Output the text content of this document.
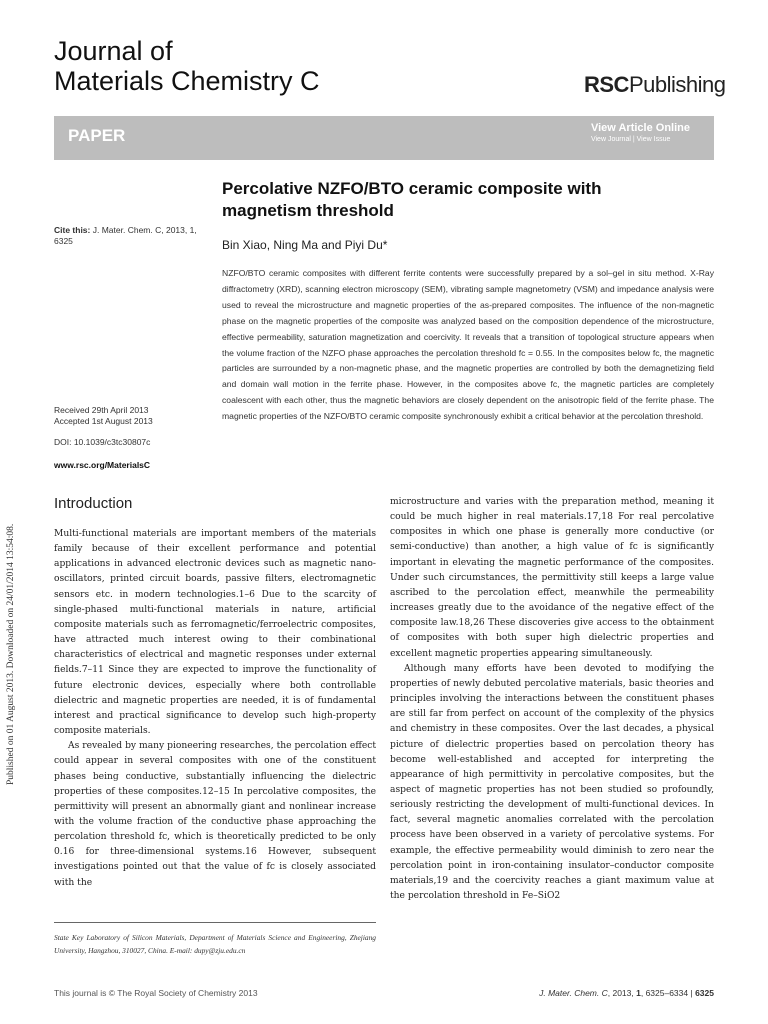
Journal of
Materials Chemistry C	RSCPublishing
PAPER	View Article Online
View Journal | View Issue
Percolative NZFO/BTO ceramic composite with magnetism threshold
Bin Xiao, Ning Ma and Piyi Du*
Cite this: J. Mater. Chem. C, 2013, 1, 6325
Received 29th April 2013
Accepted 1st August 2013
DOI: 10.1039/c3tc30807c
www.rsc.org/MaterialsC
NZFO/BTO ceramic composites with different ferrite contents were successfully prepared by a sol–gel in situ method. X-Ray diffractometry (XRD), scanning electron microscopy (SEM), vibrating sample magnetometry (VSM) and impedance analysis were used to reveal the microstructure and magnetic properties of the as-prepared composites. The influence of the non-magnetic phase on the magnetic properties of the composite was analyzed based on the composition dependence of the microstructure, effective permeability, saturation magnetization and coercivity. It reveals that a transition of topological structure appears when the volume fraction of the NZFO phase approaches the percolation threshold fc = 0.55. In the composites below fc, the magnetic particles are surrounded by a non-magnetic phase, and the magnetic properties are controlled by both the demagnetizing field and domain wall motion in the ferrite phase. However, in the composites above fc, the magnetic particles are completely coalescent with each other, thus the magnetic behaviors are closely dependent on the anisotropic field of the ferrite phase. The magnetic properties of the NZFO/BTO ceramic composite synchronously exhibit a critical behavior at the percolation threshold.
Published on 01 August 2013. Downloaded on 24/01/2014 13:54:08.
Introduction

Multi-functional materials are important members of the materials family because of their excellent performance and potential applications in advanced electronic devices such as magnetic nano-oscillators, printed circuit boards, passive filters, electromagnetic sensors etc. in modern technologies.1–6 Due to the scarcity of single-phased multi-functional materials in nature, artificial composite materials such as ferromagnetic/ferroelectric composites, have attracted much interest owing to their combinational characteristics of electrical and magnetic responses under external fields.7–11 Since they are expected to improve the functionality of future electronic devices, especially where both controllable dielectric and magnetic properties are needed, it is of fundamental interest and practical significance to develop such high-property composite materials.

As revealed by many pioneering researches, the percolation effect could appear in several composites with one of the constituent phases being conductive, substantially influencing the dielectric properties of these composites.12–15 In percolative composites, the permittivity will present an abnormally giant and nonlinear increase with the volume fraction of the conductive phase approaching the percolation threshold fc, which is theoretically predicted to be only 0.16 for three-dimensional systems.16 However, subsequent investigations pointed out that the value of fc is closely associated with the

microstructure and varies with the preparation method, meaning it could be much higher in real materials.17,18 For real percolative composites in which one phase is generally more conductive (or semi-conductive) than another, a high value of fc is significantly important in elevating the magnetic performance of the composites. Under such circumstances, the permittivity still keeps a large value ascribed to the percolation effect, meanwhile the permeability increases greatly due to the avoidance of the negative effect of the composite law.18,26 These discoveries give access to the obtainment of composites with both super high dielectric properties and excellent magnetic properties appearing simultaneously.

Although many efforts have been devoted to modifying the properties of newly debuted percolative materials, basic theories and principles involving the interactions between the constituent phases are still far from perfect on account of the complexity of the physics and chemistry in these composites. Over the last decades, a physical picture of dielectric properties based on percolation theory has become well-established and accepted for interpreting the appearance of high permittivity in percolative composites, but the aspect of magnetic properties has not been studied so profoundly, seriously restricting the development of multi-functional devices. In fact, several magnetic anomalies correlated with the percolation process have been observed in a variety of percolative systems. For example, the effective permeability would diminish to zero near the percolation point in iron-containing insulator–conductor composite materials,19 and the coercivity reaches a giant maximum value at the percolation threshold in Fe–SiO2

State Key Laboratory of Silicon Materials, Department of Materials Science and Engineering, Zhejiang University, Hangzhou, 310027, China. E-mail: dupy@zju.edu.cn
This journal is © The Royal Society of Chemistry 2013	J. Mater. Chem. C, 2013, 1, 6325–6334 | 6325
